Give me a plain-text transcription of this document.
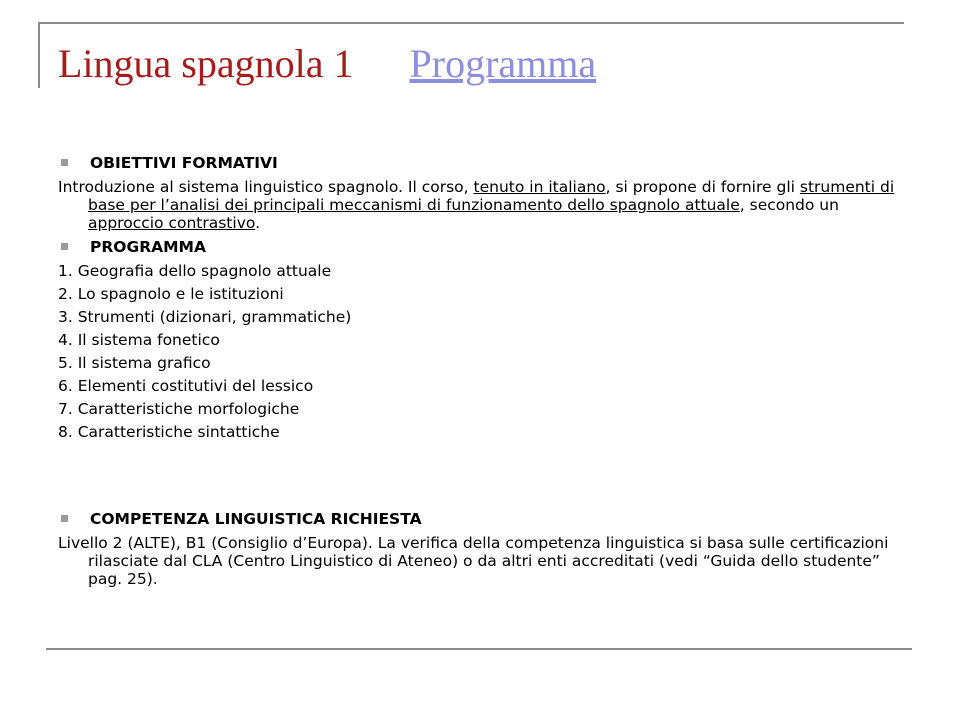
Lingua spagnola 1 Programma
OBIETTIVI FORMATIVI
Introduzione al sistema linguistico spagnolo. Il corso, tenuto in italiano, si propone di fornire gli strumenti di base per l’analisi dei principali meccanismi di funzionamento dello spagnolo attuale, secondo un approccio contrastivo.
PROGRAMMA
1. Geografia dello spagnolo attuale
2. Lo spagnolo e le istituzioni
3. Strumenti (dizionari, grammatiche)
4. Il sistema fonetico
5. Il sistema grafico
6. Elementi costitutivi del lessico
7. Caratteristiche morfologiche
8. Caratteristiche sintattiche
COMPETENZA LINGUISTICA RICHIESTA
Livello 2 (ALTE), B1 (Consiglio d’Europa). La verifica della competenza linguistica si basa sulle certificazioni rilasciate dal CLA (Centro Linguistico di Ateneo) o da altri enti accreditati (vedi “Guida dello studente” pag. 25).
